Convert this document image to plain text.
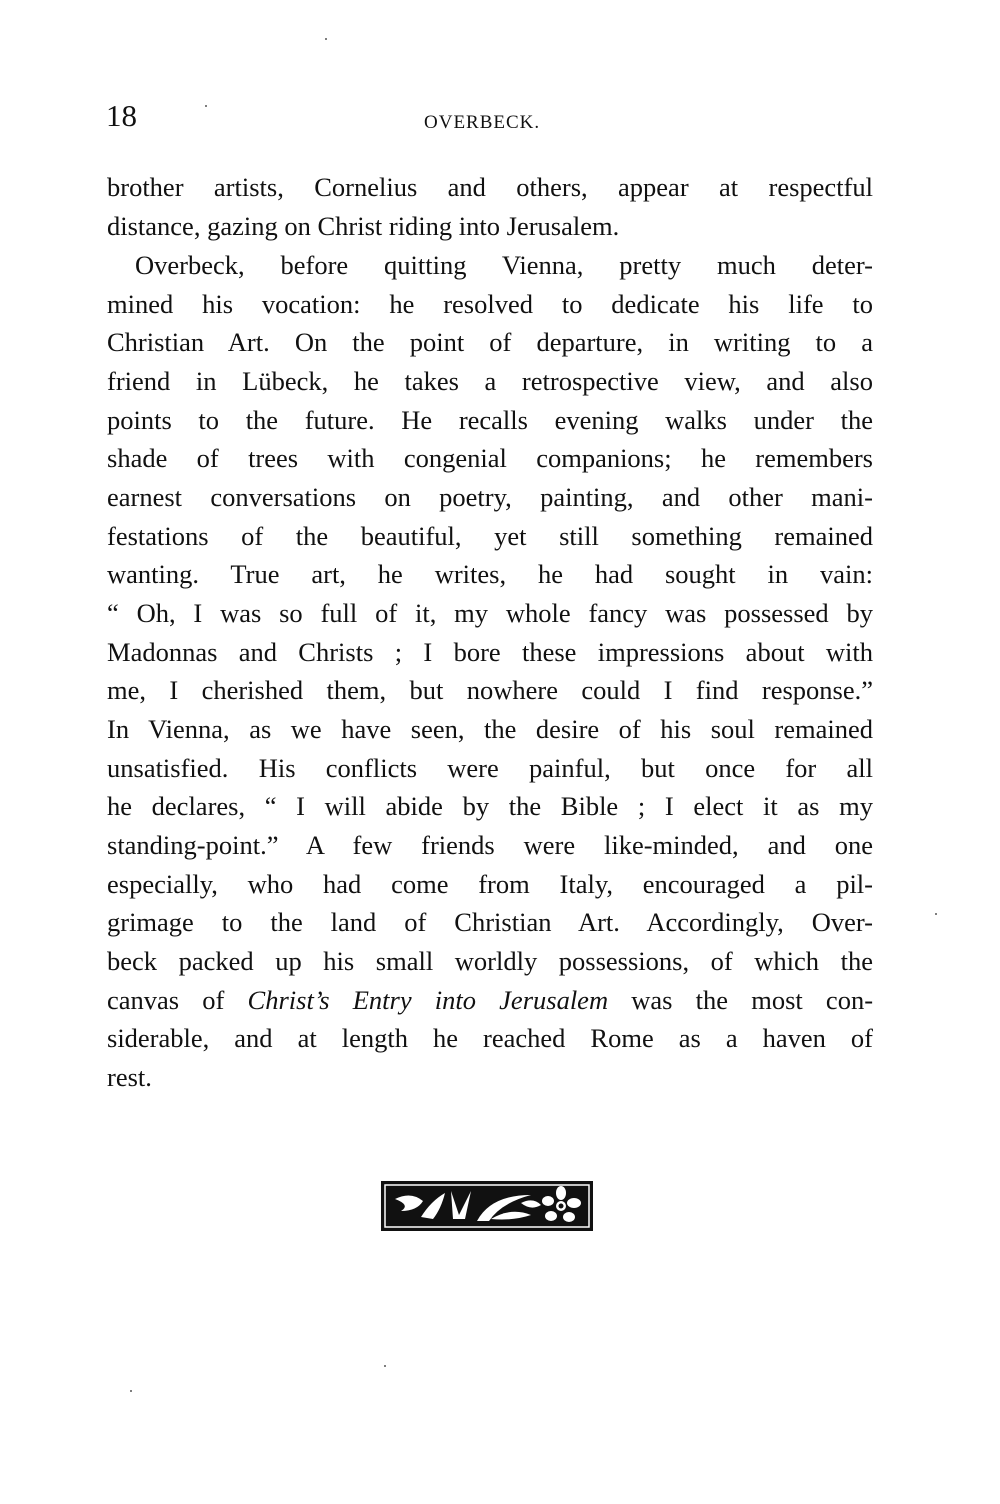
18	OVERBECK.
brother artists, Cornelius and others, appear at respectful
distance, gazing on Christ riding into Jerusalem.
Overbeck, before quitting Vienna, pretty much deter-
mined his vocation: he resolved to dedicate his life to
Christian Art. On the point of departure, in writing to a
friend in Lübeck, he takes a retrospective view, and also
points to the future. He recalls evening walks under the
shade of trees with congenial companions; he remembers
earnest conversations on poetry, painting, and other mani-
festations of the beautiful, yet still something remained
wanting. True art, he writes, he had sought in vain:
“ Oh, I was so full of it, my whole fancy was possessed by
Madonnas and Christs ; I bore these impressions about with
me, I cherished them, but nowhere could I find response.”
In Vienna, as we have seen, the desire of his soul remained
unsatisfied. His conflicts were painful, but once for all
he declares, “ I will abide by the Bible ; I elect it as my
standing-point.” A few friends were like-minded, and one
especially, who had come from Italy, encouraged a pil-
grimage to the land of Christian Art. Accordingly, Over-
beck packed up his small worldly possessions, of which the
canvas of Christ’s Entry into Jerusalem was the most con-
siderable, and at length he reached Rome as a haven of
rest.
